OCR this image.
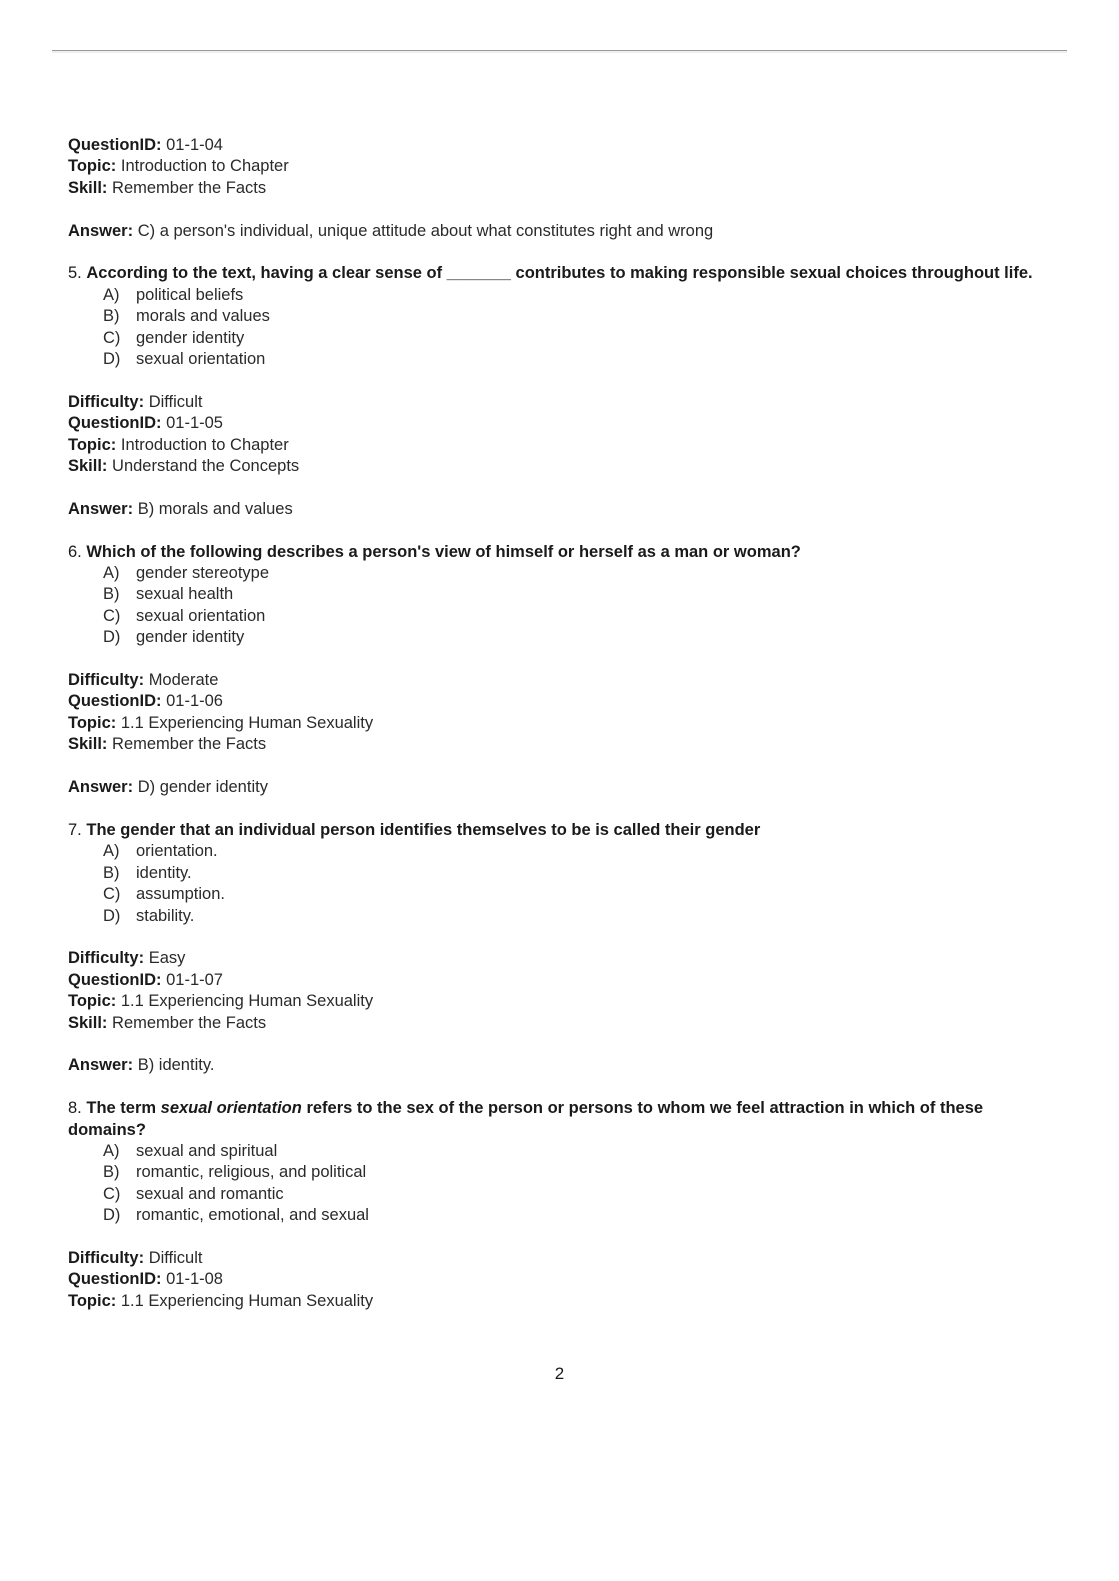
QuestionID: 01-1-04

Topic: Introduction to Chapter

Skill: Remember the Facts

Answer: C) a person's individual, unique attitude about what constitutes right and wrong

5. According to the text, having a clear sense of _______ contributes to making responsible sexual choices throughout life.

A) political beliefs
B) morals and values
C) gender identity
D) sexual orientation

Difficulty: Difficult

QuestionID: 01-1-05

Topic: Introduction to Chapter

Skill: Understand the Concepts

Answer: B) morals and values

6. Which of the following describes a person's view of himself or herself as a man or woman?

A) gender stereotype
B) sexual health
C) sexual orientation
D) gender identity

Difficulty: Moderate

QuestionID: 01-1-06

Topic: 1.1 Experiencing Human Sexuality

Skill: Remember the Facts

Answer: D) gender identity

7. The gender that an individual person identifies themselves to be is called their gender

A) orientation.
B) identity.
C) assumption.
D) stability.

Difficulty: Easy

QuestionID: 01-1-07

Topic: 1.1 Experiencing Human Sexuality

Skill: Remember the Facts

Answer: B) identity.

8. The term sexual orientation refers to the sex of the person or persons to whom we feel attraction in which of these domains?

A) sexual and spiritual
B) romantic, religious, and political
C) sexual and romantic
D) romantic, emotional, and sexual

Difficulty: Difficult

QuestionID: 01-1-08

Topic: 1.1 Experiencing Human Sexuality

2
